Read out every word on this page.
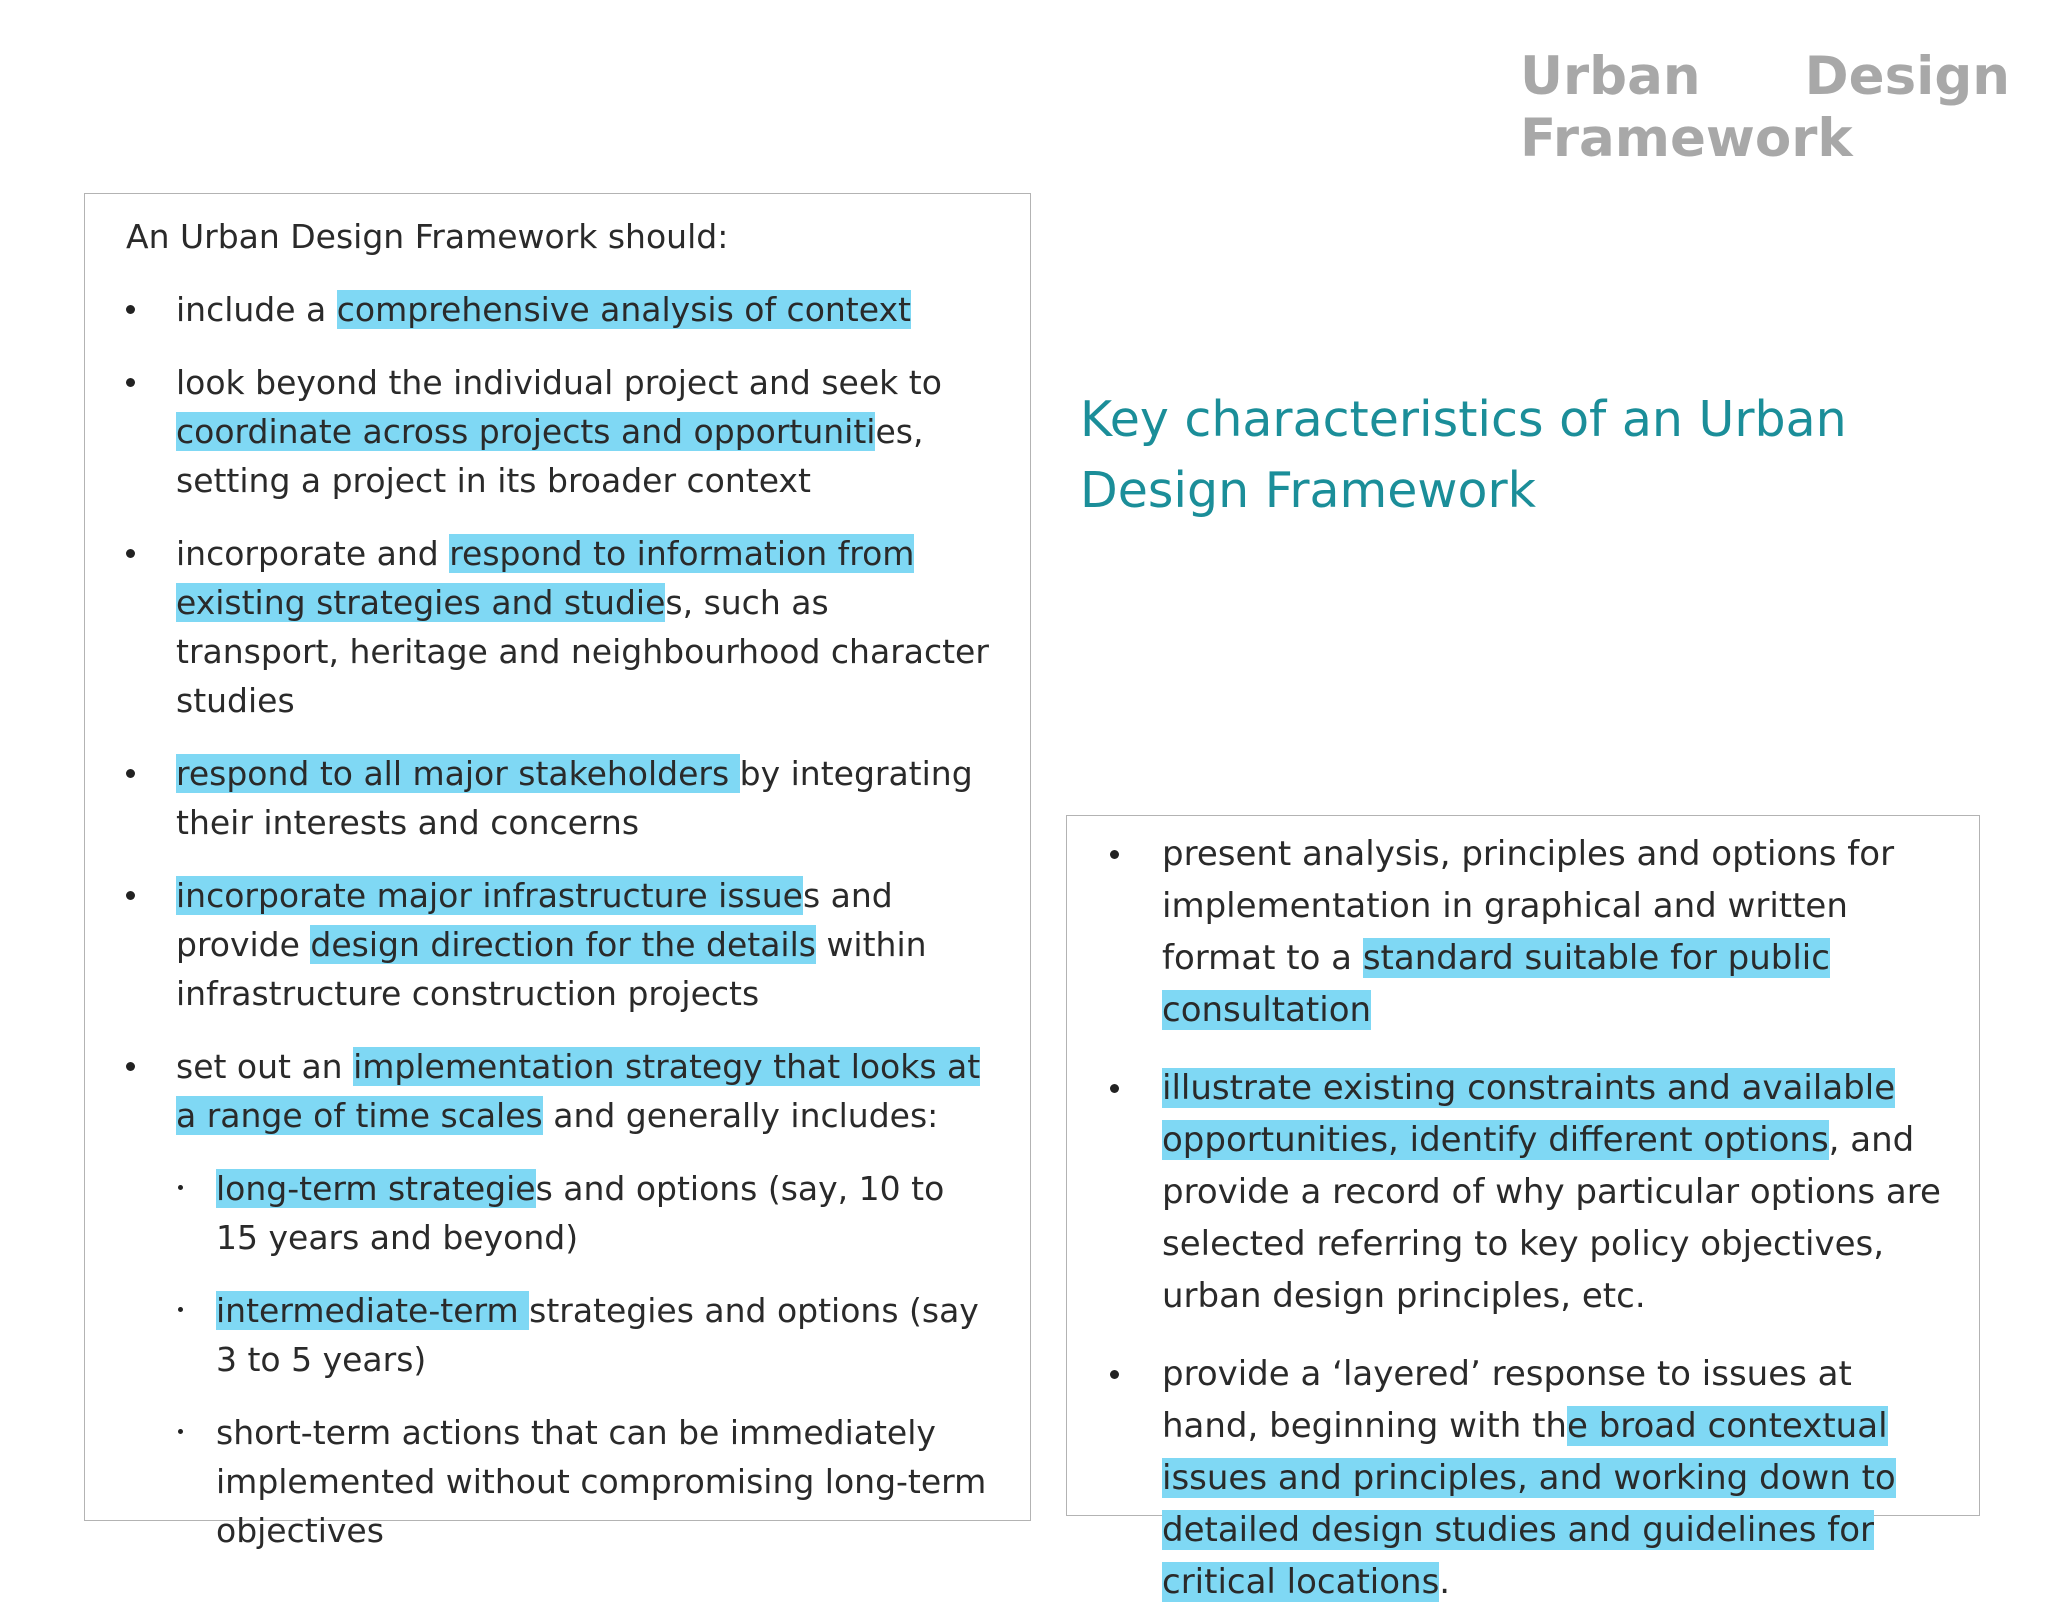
Urban Design Framework

An Urban Design Framework should:

include a comprehensive analysis of context
look beyond the individual project and seek to coordinate across projects and opportunities, setting a project in its broader context
incorporate and respond to information from existing strategies and studies, such as transport, heritage and neighbourhood character studies
respond to all major stakeholders by integrating their interests and concerns
incorporate major infrastructure issues and provide design direction for the details within infrastructure construction projects
set out an implementation strategy that looks at a range of time scales and generally includes:
long-term strategies and options (say, 10 to 15 years and beyond)
intermediate-term strategies and options (say 3 to 5 years)
short-term actions that can be immediately implemented without compromising long-term objectives
Key characteristics of an Urban Design Framework
present analysis, principles and options for implementation in graphical and written format to a standard suitable for public consultation
illustrate existing constraints and available opportunities, identify different options, and provide a record of why particular options are selected referring to key policy objectives, urban design principles, etc.
provide a ‘layered’ response to issues at hand, beginning with the broad contextual issues and principles, and working down to detailed design studies and guidelines for critical locations.
